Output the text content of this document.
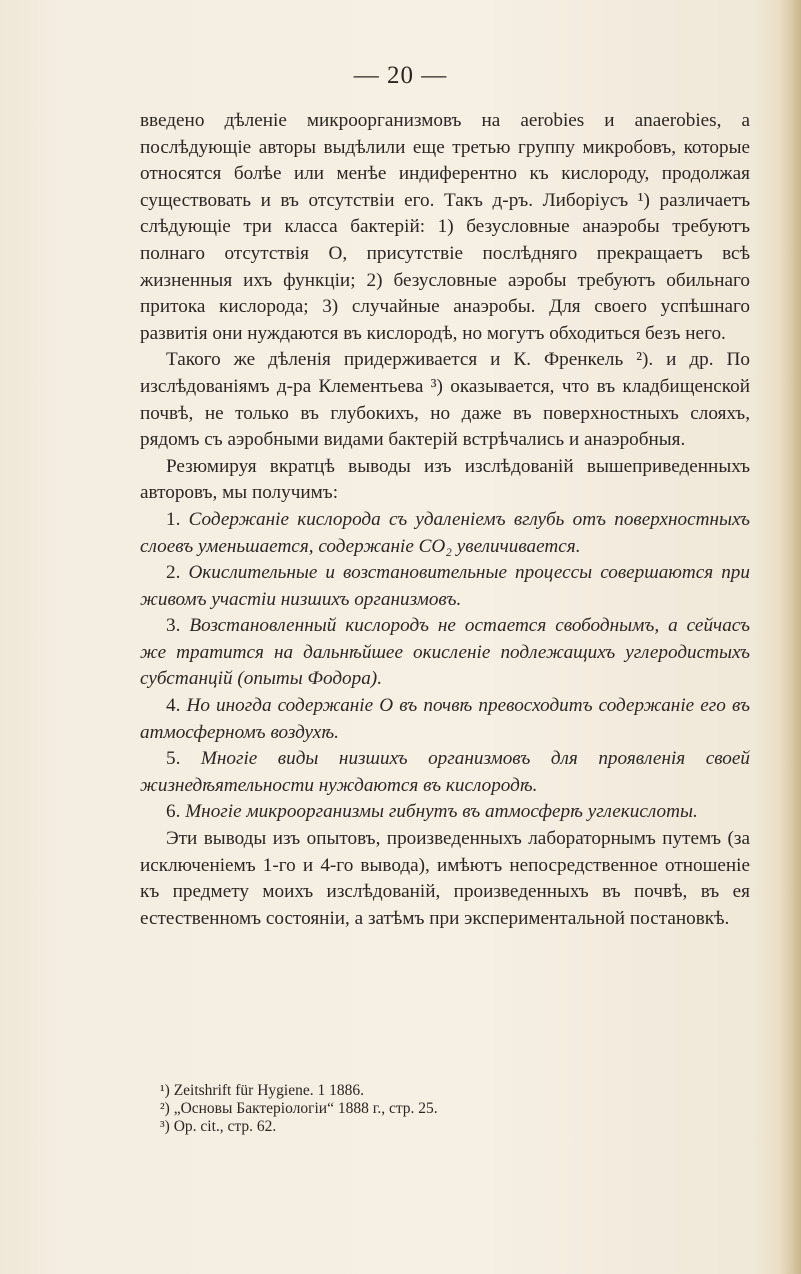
— 20 —

введено дѣленіе микроорганизмовъ на aerobies и anaerobies, а послѣдующіе авторы выдѣлили еще третью группу микробовъ, которые относятся болѣе или менѣе индиферентно къ кислороду, продолжая существовать и въ отсутствіи его. Такъ д-ръ. Либоріусъ ¹) различаетъ слѣдующіе три класса бактерій: 1) безусловные анаэробы требуютъ полнаго отсутствія O, присутствіе послѣдняго прекращаетъ всѣ жизненныя ихъ функціи; 2) безусловные аэробы требуютъ обильнаго притока кислорода; 3) случайные анаэробы. Для своего успѣшнаго развитія они нуждаются въ кислородѣ, но могутъ обходиться безъ него.

Такого же дѣленія придерживается и К. Френкель ²). и др. По изслѣдованіямъ д-ра Клементьева ³) оказывается, что въ кладбищенской почвѣ, не только въ глубокихъ, но даже въ поверхностныхъ слояхъ, рядомъ съ аэробными видами бактерій встрѣчались и анаэробныя.

Резюмируя вкратцѣ выводы изъ изслѣдованій вышеприведенныхъ авторовъ, мы получимъ:

1. Содержаніе кислорода съ удаленіемъ вглубь отъ поверхностныхъ слоевъ уменьшается, содержаніе CO₂ увеличивается.

2. Окислительные и возстановительные процессы совершаются при живомъ участіи низшихъ организмовъ.

3. Возстановленный кислородъ не остается свободнымъ, а сейчасъ же тратится на дальнѣйшее окисленіе подлежащихъ углеродистыхъ субстанцій (опыты Фодора).

4. Но иногда содержаніе O въ почвѣ превосходитъ содержаніе его въ атмосферномъ воздухѣ.

5. Многіе виды низшихъ организмовъ для проявленія своей жизнедѣятельности нуждаются въ кислородѣ.

6. Многіе микроорганизмы гибнутъ въ атмосферѣ углекислоты.

Эти выводы изъ опытовъ, произведенныхъ лабораторнымъ путемъ (за исключеніемъ 1-го и 4-го вывода), имѣютъ непосредственное отношеніе къ предмету моихъ изслѣдованій, произведенныхъ въ почвѣ, въ ея естественномъ состояніи, а затѣмъ при экспериментальной постановкѣ.

¹) Zeitshrift für Hygiene. 1 1886.

²) „Основы Бактеріологіи“ 1888 г., стр. 25.

³) Op. cit., стр. 62.
